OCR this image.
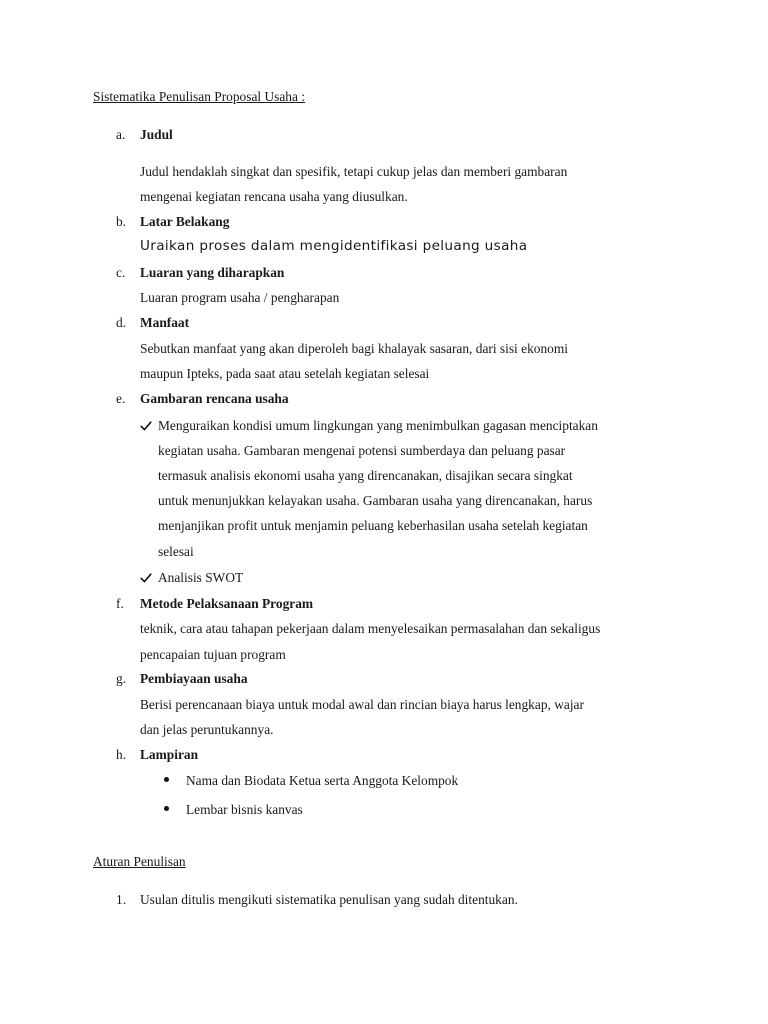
Sistematika Penulisan Proposal Usaha :
a. Judul
Judul hendaklah singkat dan spesifik, tetapi cukup jelas dan memberi gambaran
mengenai kegiatan rencana usaha yang diusulkan.
b. Latar Belakang
Uraikan proses dalam mengidentifikasi peluang usaha
c. Luaran yang diharapkan
Luaran program usaha / pengharapan
d. Manfaat
Sebutkan manfaat yang akan diperoleh bagi khalayak sasaran, dari sisi ekonomi
maupun Ipteks, pada saat atau setelah kegiatan selesai
e. Gambaran rencana usaha
Menguraikan kondisi umum lingkungan yang menimbulkan gagasan menciptakan
kegiatan usaha. Gambaran mengenai potensi sumberdaya dan peluang pasar
termasuk analisis ekonomi usaha yang direncanakan, disajikan secara singkat
untuk menunjukkan kelayakan usaha. Gambaran usaha yang direncanakan, harus
menjanjikan profit untuk menjamin peluang keberhasilan usaha setelah kegiatan
selesai
Analisis SWOT
f. Metode Pelaksanaan Program
teknik, cara atau tahapan pekerjaan dalam menyelesaikan permasalahan dan sekaligus
pencapaian tujuan program
g. Pembiayaan usaha
Berisi perencanaan biaya untuk modal awal dan rincian biaya harus lengkap, wajar
dan jelas peruntukannya.
h. Lampiran
Nama dan Biodata Ketua serta Anggota Kelompok
Lembar bisnis kanvas
Aturan Penulisan
1. Usulan ditulis mengikuti sistematika penulisan yang sudah ditentukan.
